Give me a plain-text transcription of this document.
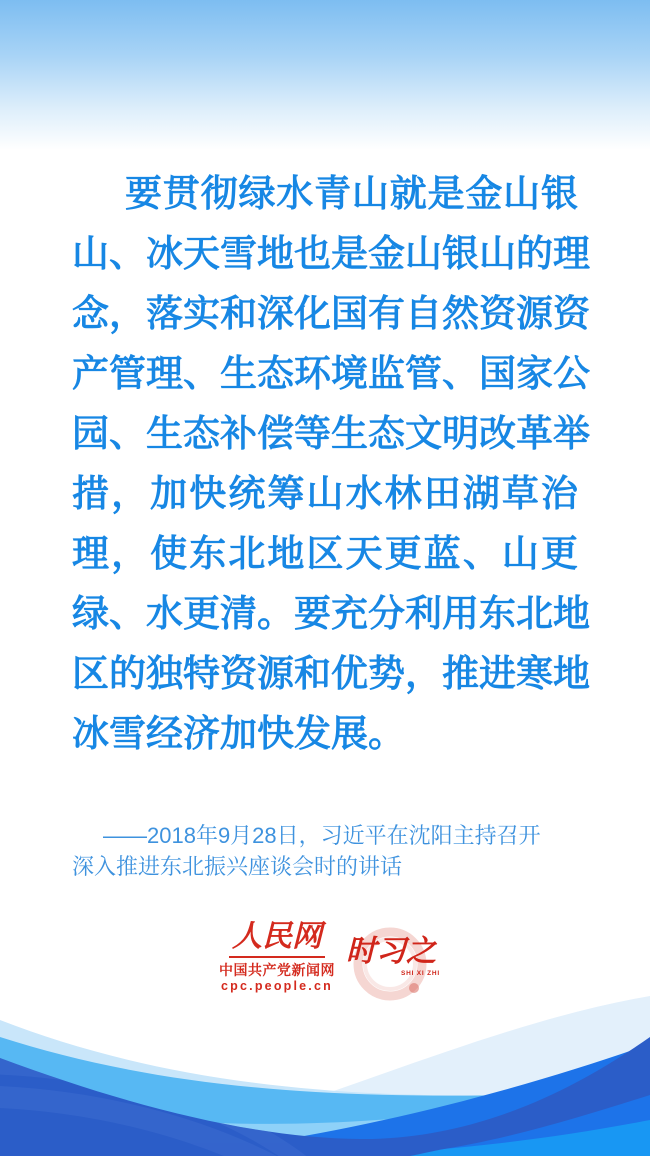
要贯彻绿水青山就是金山银
山、冰天雪地也是金山银山的理
念，落实和深化国有自然资源资
产管理、生态环境监管、国家公
园、生态补偿等生态文明改革举
措，加快统筹山水林田湖草治
理，使东北地区天更蓝、山更
绿、水更清。要充分利用东北地
区的独特资源和优势，推进寒地
冰雪经济加快发展。
——2018年9月28日，习近平在沈阳主持召开
深入推进东北振兴座谈会时的讲话
人民网
中国共产党新闻网
cpc.people.cn
时习之
SHI XI ZHI
